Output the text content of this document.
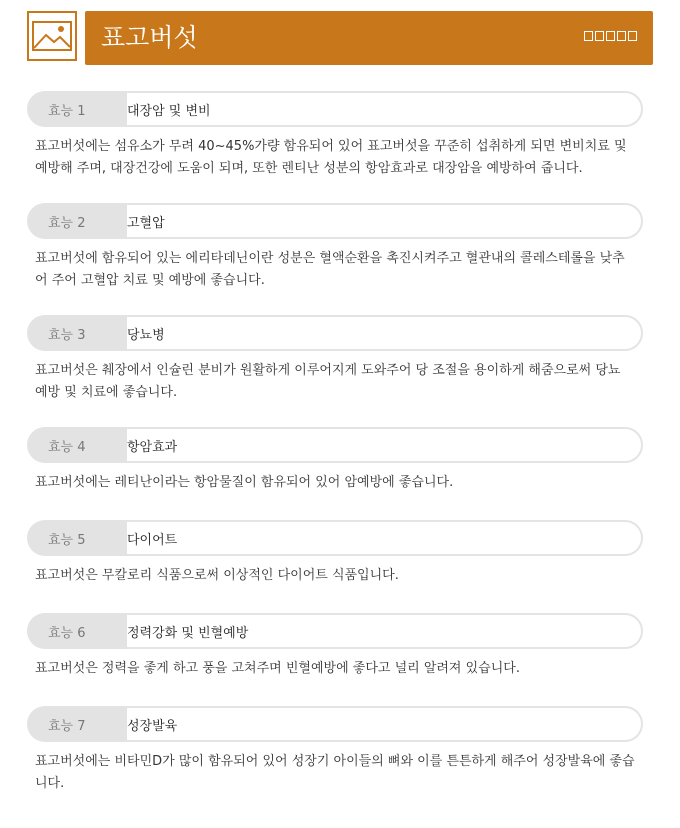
표고버섯
대장암 및 변비
효능 1
표고버섯에는 섬유소가 무려 40~45%가량 함유되어 있어 표고버섯을 꾸준히 섭취하게 되면 변비치료 및 예방해 주며, 대장건강에 도움이 되며, 또한 렌티난 성분의 항암효과로 대장암을 예방하여 줍니다.
고혈압
효능 2
표고버섯에 함유되어 있는 에리타데닌이란 성분은 혈액순환을 촉진시켜주고 혈관내의 콜레스테롤을 낮추어 주어 고혈압 치료 및 예방에 좋습니다.
당뇨병
효능 3
표고버섯은 췌장에서 인슐린 분비가 원활하게 이루어지게 도와주어 당 조절을 용이하게 해줌으로써 당뇨 예방 및 치료에 좋습니다.
항암효과
효능 4
표고버섯에는 레티난이라는 항암물질이 함유되어 있어 암예방에 좋습니다.
다이어트
효능 5
표고버섯은 무칼로리 식품으로써 이상적인 다이어트 식품입니다.
정력강화 및 빈혈예방
효능 6
표고버섯은 정력을 좋게 하고 풍을 고쳐주며 빈혈예방에 좋다고 널리 알려져 있습니다.
성장발육
효능 7
표고버섯에는 비타민D가 많이 함유되어 있어 성장기 아이들의 뼈와 이를 튼튼하게 해주어 성장발육에 좋습니다.
